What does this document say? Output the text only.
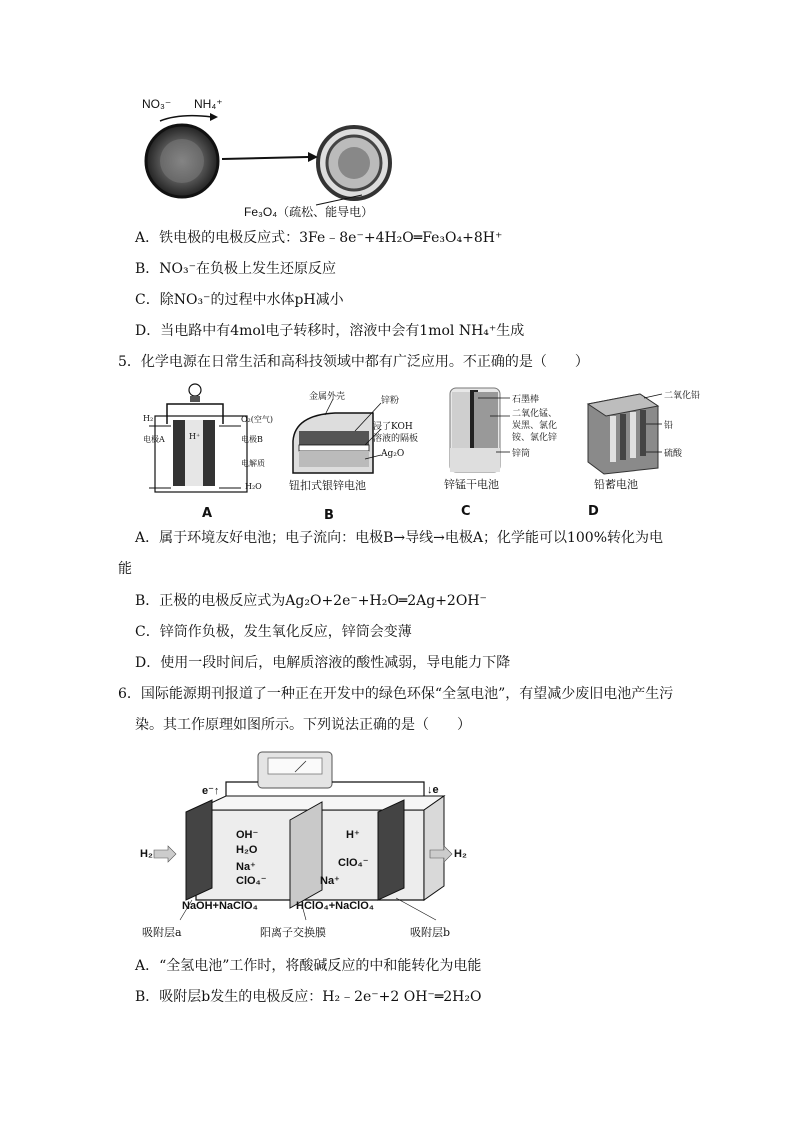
NO₃⁻ NH₄⁺
Fe₃O₄（疏松、能导电）
A．铁电极的电极反应式：3Fe﹣8e⁻+4H₂O═Fe₃O₄+8H⁺
B．NO₃⁻在负极上发生还原反应
C．除NO₃⁻的过程中水体pH减小
D．当电路中有4mol电子转移时，溶液中会有1mol NH₄⁺生成
5．化学电源在日常生活和高科技领域中都有广泛应用。不正确的是（　　）
H₂	O₂(空气)
电极A	H⁺	电极B
电解质
H₂O
A
金属外壳	锌粉
浸了KOH
溶液的隔板
Ag₂O
钮扣式银锌电池
B
石墨棒
二氧化锰、
炭黑、氯化
铵、氯化锌
锌筒
锌锰干电池
C
二氧化铅
铅
硫酸
铅蓄电池
D
A．属于环境友好电池；电子流向：电极B→导线→电极A；化学能可以100%转化为电
能
B．正极的电极反应式为Ag₂O+2e⁻+H₂O═2Ag+2OH⁻
C．锌筒作负极，发生氧化反应，锌筒会变薄
D．使用一段时间后，电解质溶液的酸性减弱，导电能力下降
6．国际能源期刊报道了一种正在开发中的绿色环保“全氢电池”，有望减少废旧电池产生污
染。其工作原理如图所示。下列说法正确的是（　　）
e⁻↑	↓e
H₂	H₂
OH⁻
H₂O
Na⁺
ClO₄⁻
H⁺
ClO₄⁻
Na⁺
NaOH+NaClO₄	HClO₄+NaClO₄
吸附层a	阳离子交换膜	吸附层b
A．“全氢电池”工作时，将酸碱反应的中和能转化为电能
B．吸附层b发生的电极反应：H₂﹣2e⁻+2 OH⁻═2H₂O
